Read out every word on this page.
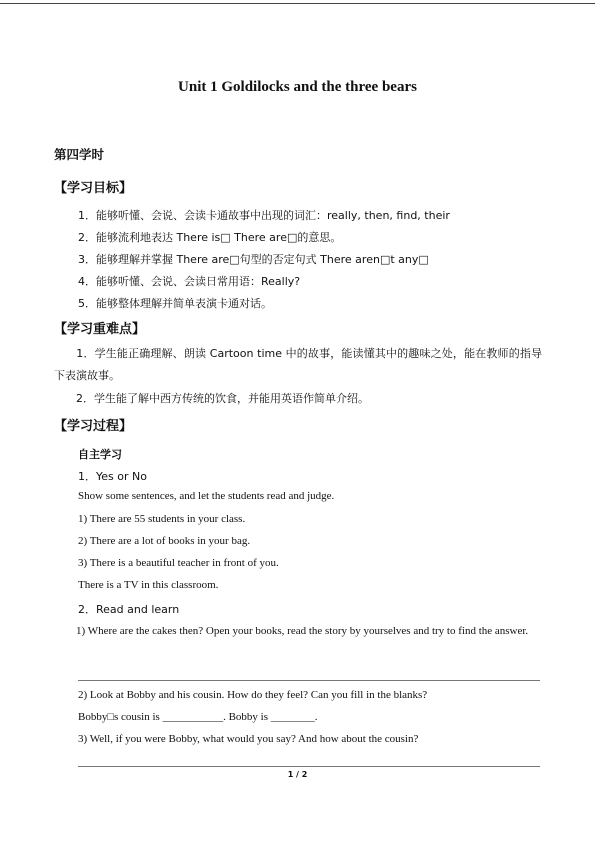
Unit 1 Goldilocks and the three bears
第四学时
【学习目标】
1．能够听懂、会说、会读卡通故事中出现的词汇：really, then, find, their
2．能够流利地表达 There is□ There are□的意思。
3．能够理解并掌握 There are□句型的否定句式 There aren□t any□
4．能够听懂、会说、会读日常用语：Really?
5．能够整体理解并简单表演卡通对话。
【学习重难点】
　　1．学生能正确理解、朗读 Cartoon time 中的故事，能读懂其中的趣味之处，能在教师的指导下表演故事。
　　2．学生能了解中西方传统的饮食，并能用英语作简单介绍。
【学习过程】
自主学习
1．Yes or No
Show some sentences, and let the students read and judge.
1) There are 55 students in your class.
2) There are a lot of books in your bag.
3) There is a beautiful teacher in front of you.
There is a TV in this classroom.
2．Read and learn
　　1) Where are the cakes then? Open your books, read the story by yourselves and try to find the answer.
2) Look at Bobby and his cousin. How do they feel? Can you fill in the blanks?
Bobby□s cousin is ___________. Bobby is ________.
3) Well, if you were Bobby, what would you say? And how about the cousin?
1 / 2
